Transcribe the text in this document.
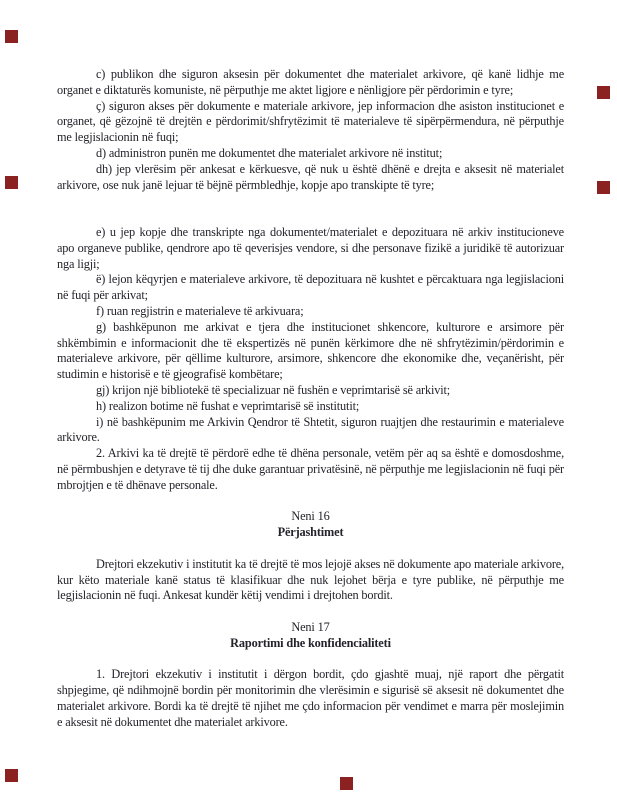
c) publikon dhe siguron aksesin për dokumentet dhe materialet arkivore, që kanë lidhje me organet e diktaturës komuniste, në përputhje me aktet ligjore e nënligjore për përdorimin e tyre;

ç) siguron akses për dokumente e materiale arkivore, jep informacion dhe asiston institucionet e organet, që gëzojnë të drejtën e përdorimit/shfrytëzimit të materialeve të sipërpërmendura, në përputhje me legjislacionin në fuqi;

d) administron punën me dokumentet dhe materialet arkivore në institut;

dh) jep vlerësim për ankesat e kërkuesve, që nuk u është dhënë e drejta e aksesit në materialet arkivore, ose nuk janë lejuar të bëjnë përmbledhje, kopje apo transkipte të tyre;

e) u jep kopje dhe transkripte nga dokumentet/materialet e depozituara në arkiv institucioneve apo organeve publike, qendrore apo të qeverisjes vendore, si dhe personave fizikë a juridikë të autorizuar nga ligji;

ë) lejon këqyrjen e materialeve arkivore, të depozituara në kushtet e përcaktuara nga legjislacioni në fuqi për arkivat;

f) ruan regjistrin e materialeve të arkivuara;

g) bashkëpunon me arkivat e tjera dhe institucionet shkencore, kulturore e arsimore për shkëmbimin e informacionit dhe të ekspertizës në punën kërkimore dhe në shfrytëzimin/përdorimin e materialeve arkivore, për qëllime kulturore, arsimore, shkencore dhe ekonomike dhe, veçanërisht, për studimin e historisë e të gjeografisë kombëtare;

gj) krijon një bibliotekë të specializuar në fushën e veprimtarisë së arkivit;

h) realizon botime në fushat e veprimtarisë së institutit;

i) në bashkëpunim me Arkivin Qendror të Shtetit, siguron ruajtjen dhe restaurimin e materialeve arkivore.

2. Arkivi ka të drejtë të përdorë edhe të dhëna personale, vetëm për aq sa është e domosdoshme, në përmbushjen e detyrave të tij dhe duke garantuar privatësinë, në përputhje me legjislacionin në fuqi për mbrojtjen e të dhënave personale.

Neni 16

Përjashtimet

Drejtori ekzekutiv i institutit ka të drejtë të mos lejojë akses në dokumente apo materiale arkivore, kur këto materiale kanë status të klasifikuar dhe nuk lejohet bërja e tyre publike, në përputhje me legjislacionin në fuqi. Ankesat kundër këtij vendimi i drejtohen bordit.

Neni 17

Raportimi dhe konfidencialiteti

1. Drejtori ekzekutiv i institutit i dërgon bordit, çdo gjashtë muaj, një raport dhe përgatit shpjegime, që ndihmojnë bordin për monitorimin dhe vlerësimin e sigurisë së aksesit në dokumentet dhe materialet arkivore. Bordi ka të drejtë të njihet me çdo informacion për vendimet e marra për moslejimin e aksesit në dokumentet dhe materialet arkivore.
